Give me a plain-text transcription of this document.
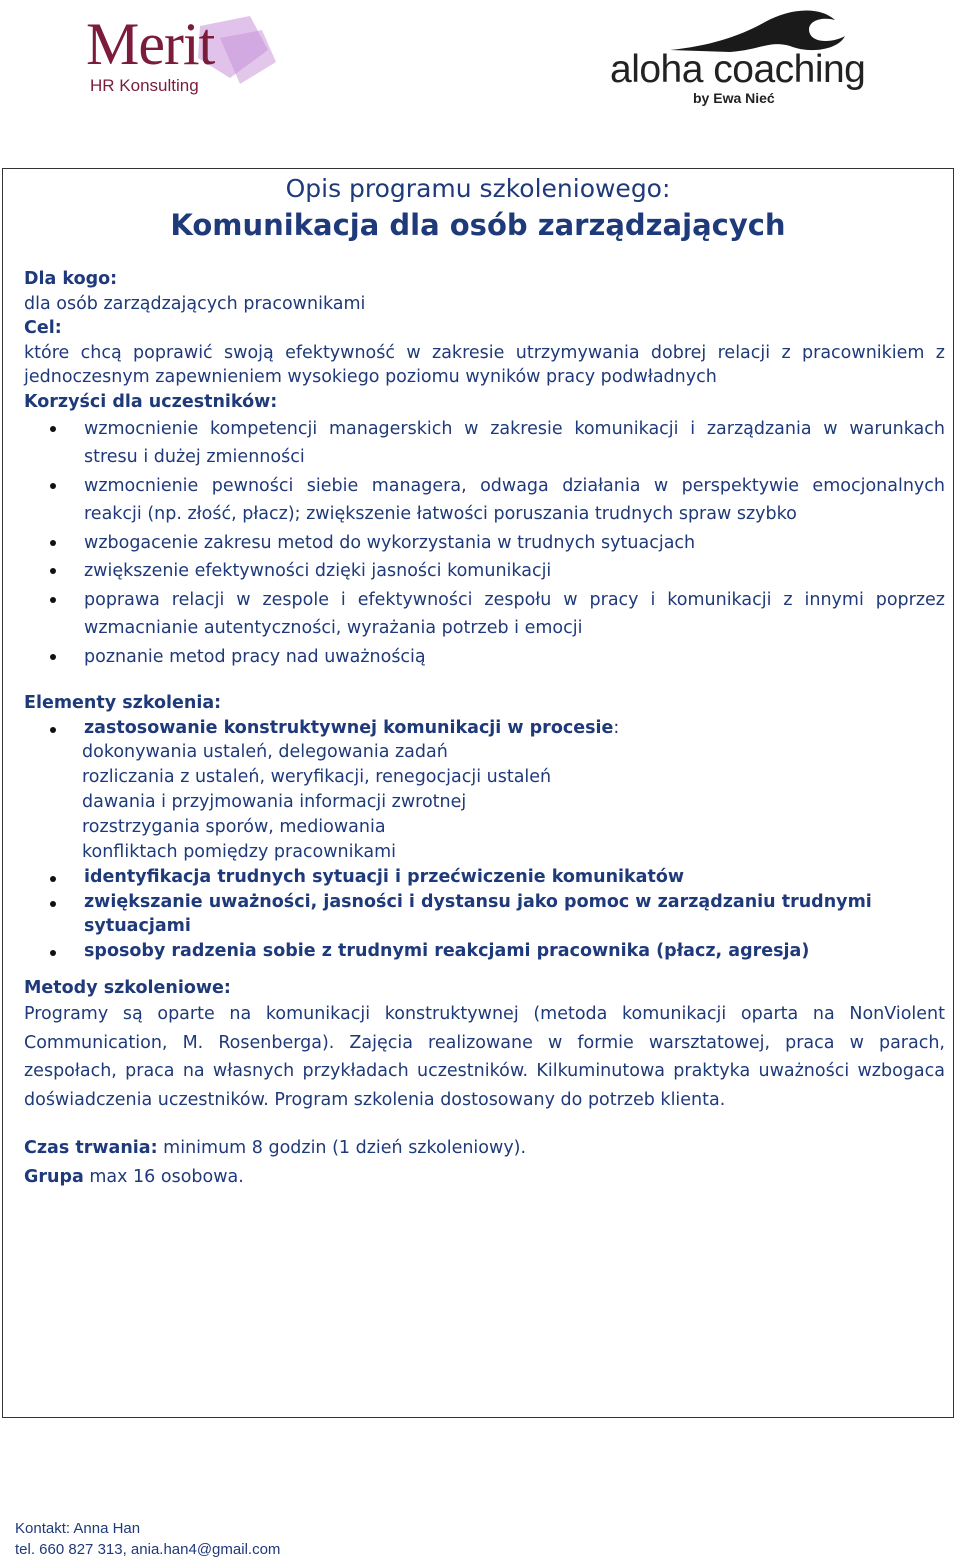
Merit
HR Konsulting	aloha coaching
by Ewa Nieć
Opis programu szkoleniowego:
Komunikacja dla osób zarządzających
Dla kogo:
dla osób zarządzających pracownikami
Cel:
które chcą poprawić swoją efektywność w zakresie utrzymywania dobrej relacji z pracownikiem z jednoczesnym zapewnieniem wysokiego poziomu wyników pracy podwładnych
Korzyści dla uczestników:
wzmocnienie kompetencji managerskich w zakresie komunikacji i zarządzania w warunkach stresu i dużej zmienności
wzmocnienie pewności siebie managera, odwaga działania w perspektywie emocjonalnych reakcji (np. złość, płacz); zwiększenie łatwości poruszania trudnych spraw szybko
wzbogacenie zakresu metod do wykorzystania w trudnych sytuacjach
zwiększenie efektywności dzięki jasności komunikacji
poprawa relacji w zespole i efektywności zespołu w pracy i komunikacji z innymi poprzez wzmacnianie autentyczności, wyrażania potrzeb i emocji
poznanie metod pracy nad uważnością
Elementy szkolenia:
zastosowanie konstruktywnej komunikacji w procesie:
dokonywania ustaleń, delegowania zadań
rozliczania z ustaleń, weryfikacji, renegocjacji ustaleń
dawania i przyjmowania informacji zwrotnej
rozstrzygania sporów, mediowania
konfliktach pomiędzy pracownikami
identyfikacja trudnych sytuacji i przećwiczenie komunikatów
zwiększanie uważności, jasności i dystansu jako pomoc w zarządzaniu trudnymi sytuacjami
sposoby radzenia sobie z trudnymi reakcjami pracownika (płacz, agresja)
Metody szkoleniowe:
Programy są oparte na komunikacji konstruktywnej (metoda komunikacji oparta na NonViolent Communication, M. Rosenberga). Zajęcia realizowane w formie warsztatowej, praca w parach, zespołach, praca na własnych przykładach uczestników. Kilkuminutowa praktyka uważności wzbogaca doświadczenia uczestników. Program szkolenia dostosowany do potrzeb klienta.
Czas trwania: minimum 8 godzin (1 dzień szkoleniowy).
Grupa max 16 osobowa.
Kontakt: Anna Han
tel. 660 827 313, ania.han4@gmail.com
